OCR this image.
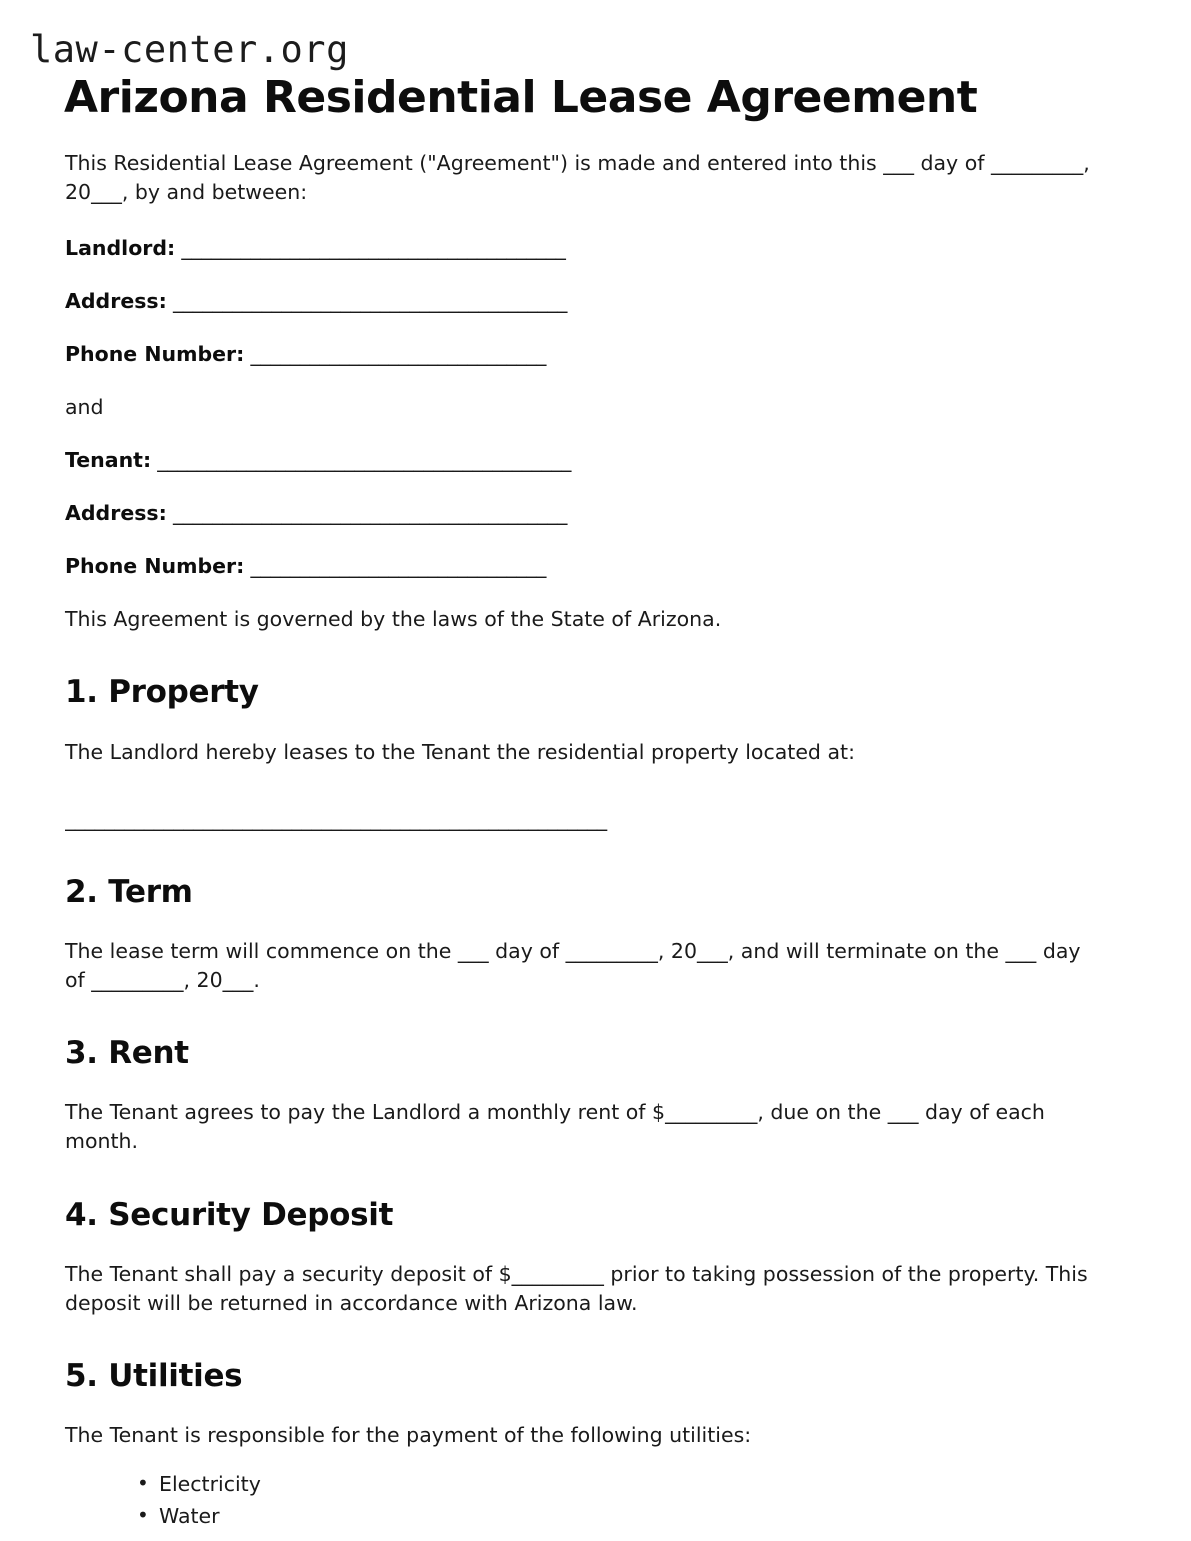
law-center.org
Arizona Residential Lease Agreement

This Residential Lease Agreement ("Agreement") is made and entered into this ___ day of _________, 20___, by and between:

Landlord: _______________________________________
Address: ________________________________________
Phone Number: ______________________________

and

Tenant: __________________________________________
Address: ________________________________________
Phone Number: ______________________________

This Agreement is governed by the laws of the State of Arizona.

1. Property

The Landlord hereby leases to the Tenant the residential property located at:

_______________________________________________________
2. Term

The lease term will commence on the ___ day of _________, 20___, and will terminate on the ___ day of _________, 20___.

3. Rent

The Tenant agrees to pay the Landlord a monthly rent of $_________, due on the ___ day of each month.

4. Security Deposit

The Tenant shall pay a security deposit of $_________ prior to taking possession of the property. This deposit will be returned in accordance with Arizona law.

5. Utilities

The Tenant is responsible for the payment of the following utilities:

• Electricity
• Water
